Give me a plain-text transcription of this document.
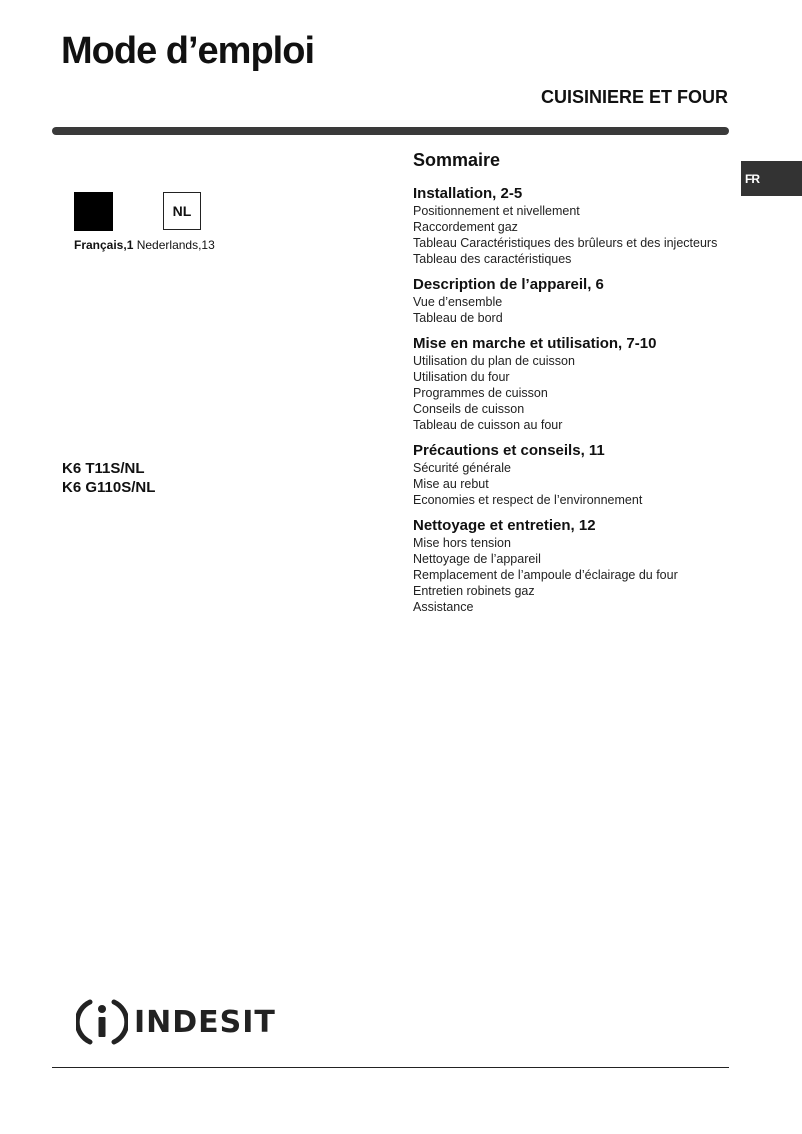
Mode d’emploi
CUISINIERE ET FOUR
FR
NL
Français,1 Nederlands,13
K6 T11S/NL
K6 G110S/NL
Sommaire
Installation, 2-5
Positionnement et nivellement
Raccordement gaz
Tableau Caractéristiques des brûleurs et des injecteurs
Tableau des caractéristiques
Description de l’appareil, 6
Vue d’ensemble
Tableau de bord
Mise en marche et utilisation, 7-10
Utilisation du plan de cuisson
Utilisation du four
Programmes de cuisson
Conseils de cuisson
Tableau de cuisson au four
Précautions et conseils, 11
Sécurité générale
Mise au rebut
Economies et respect de l’environnement
Nettoyage et entretien, 12
Mise hors tension
Nettoyage de l’appareil
Remplacement de l’ampoule d’éclairage du four
Entretien robinets gaz
Assistance
INDESIT
